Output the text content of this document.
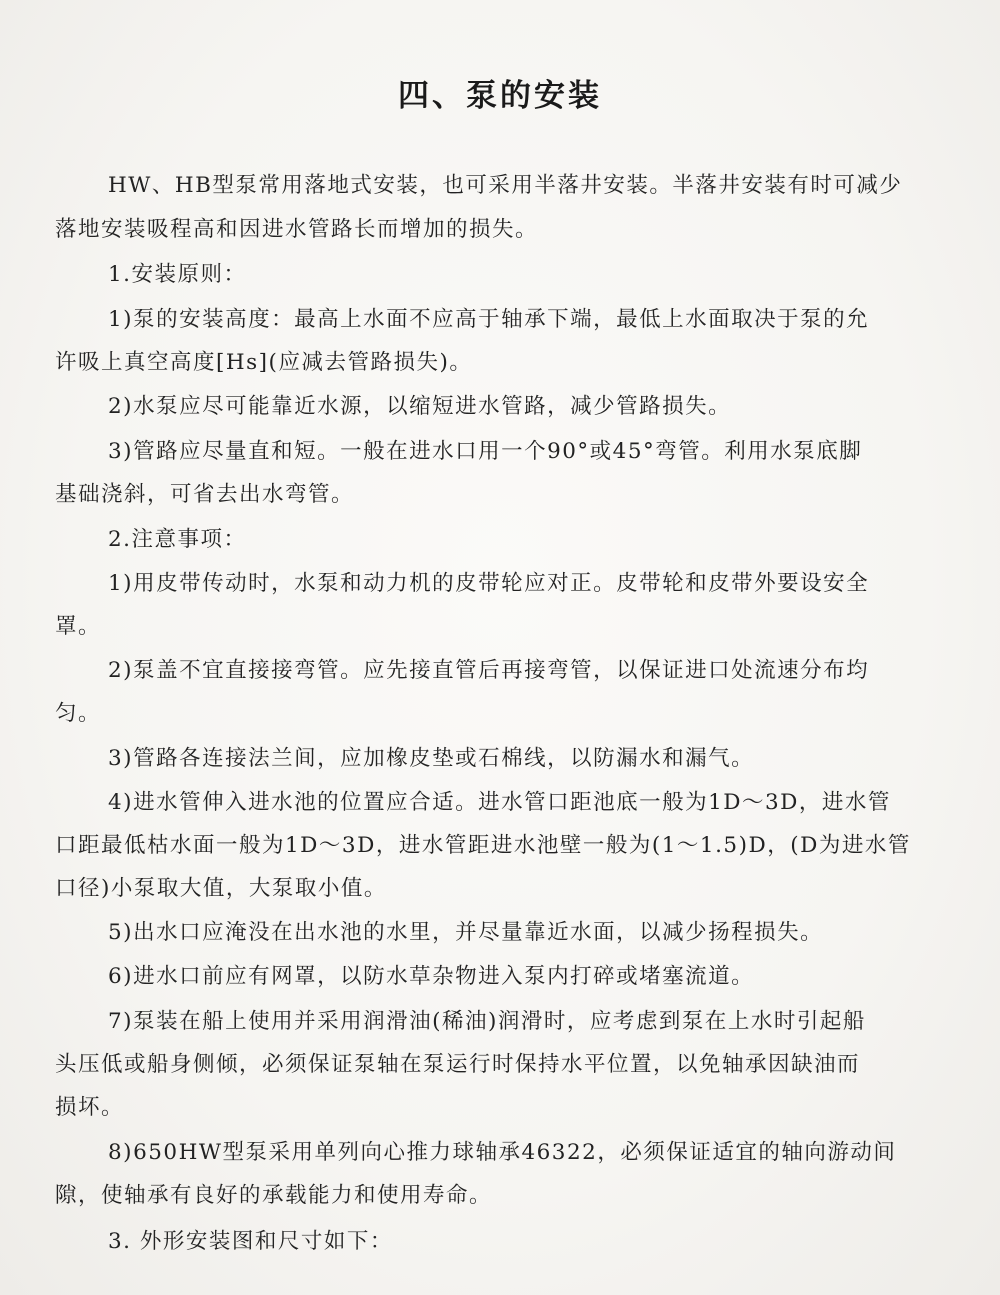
四、泵的安装
HW、HB型泵常用落地式安装，也可采用半落井安装。半落井安装有时可减少
落地安装吸程高和因进水管路长而增加的损失。
1.安装原则：
1)泵的安装高度：最高上水面不应高于轴承下端，最低上水面取决于泵的允
许吸上真空高度[Hs](应减去管路损失)。
2)水泵应尽可能靠近水源，以缩短进水管路，减少管路损失。
3)管路应尽量直和短。一般在进水口用一个90°或45°弯管。利用水泵底脚
基础浇斜，可省去出水弯管。
2.注意事项：
1)用皮带传动时，水泵和动力机的皮带轮应对正。皮带轮和皮带外要设安全
罩。
2)泵盖不宜直接接弯管。应先接直管后再接弯管，以保证进口处流速分布均
匀。
3)管路各连接法兰间，应加橡皮垫或石棉线，以防漏水和漏气。
4)进水管伸入进水池的位置应合适。进水管口距池底一般为1D～3D，进水管
口距最低枯水面一般为1D～3D，进水管距进水池壁一般为(1～1.5)D，(D为进水管
口径)小泵取大值，大泵取小值。
5)出水口应淹没在出水池的水里，并尽量靠近水面，以减少扬程损失。
6)进水口前应有网罩，以防水草杂物进入泵内打碎或堵塞流道。
7)泵装在船上使用并采用润滑油(稀油)润滑时，应考虑到泵在上水时引起船
头压低或船身侧倾，必须保证泵轴在泵运行时保持水平位置，以免轴承因缺油而
损坏。
8)650HW型泵采用单列向心推力球轴承46322，必须保证适宜的轴向游动间
隙，使轴承有良好的承载能力和使用寿命。
3. 外形安装图和尺寸如下：
